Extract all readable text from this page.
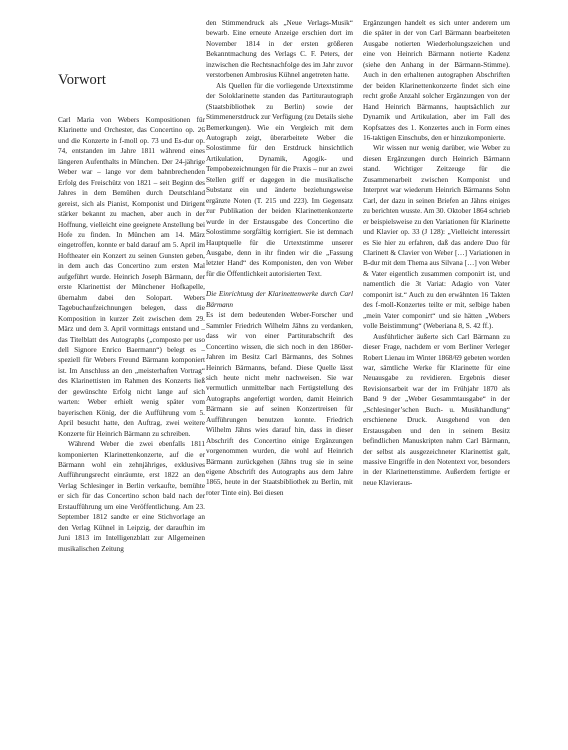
Vorwort

Carl Maria von Webers Kompositionen für Klarinette und Orchester, das Concertino op. 26 und die Konzerte in f-moll op. 73 und Es-dur op. 74, entstanden im Jahre 1811 während eines längeren Aufenthalts in München. Der 24-jährige Weber war – lange vor dem bahnbrechenden Erfolg des Freischütz von 1821 – seit Beginn des Jahres in dem Bemühen durch Deutschland gereist, sich als Pianist, Komponist und Dirigent stärker bekannt zu machen, aber auch in der Hoffnung, vielleicht eine geeignete Anstellung bei Hofe zu finden. In München am 14. März eingetroffen, konnte er bald darauf am 5. April im Hoftheater ein Konzert zu seinen Gunsten geben, in dem auch das Concertino zum ersten Mal aufgeführt wurde. Heinrich Joseph Bärmann, der erste Klarinettist der Münchener Hofkapelle, übernahm dabei den Solopart. Webers Tagebuchaufzeichnungen belegen, dass die Komposition in kurzer Zeit zwischen dem 29. März und dem 3. April vormittags entstand und – das Titelblatt des Autographs („composto per uso dell Signore Enrico Baermann“) belegt es – speziell für Webers Freund Bärmann komponiert ist. Im Anschluss an den „meisterhaften Vortrag“ des Klarinettisten im Rahmen des Konzerts ließ der gewünschte Erfolg nicht lange auf sich warten: Weber erhielt wenig später vom bayerischen König, der die Aufführung vom 5. April besucht hatte, den Auftrag, zwei weitere Konzerte für Heinrich Bärmann zu schreiben.

Während Weber die zwei ebenfalls 1811 komponierten Klarinettenkonzerte, auf die er Bärmann wohl ein zehnjähriges, exklusives Aufführungsrecht einräumte, erst 1822 an den Verlag Schlesinger in Berlin verkaufte, bemühte er sich für das Concertino schon bald nach der Erstaufführung um eine Veröffentlichung. Am 23. September 1812 sandte er eine Stichvorlage an den Verlag Kühnel in Leipzig, der daraufhin im Juni 1813 im Intelligenzblatt zur Allgemeinen musikalischen Zeitung

den Stimmendruck als „Neue Verlags-Musik“ bewarb. Eine erneute Anzeige erschien dort im November 1814 in der ersten größeren Bekanntmachung des Verlags C. F. Peters, der inzwischen die Rechtsnachfolge des im Jahr zuvor verstorbenen Ambrosius Kühnel angetreten hatte.

Als Quellen für die vorliegende Urtextstimme der Soloklarinette standen das Partiturautograph (Staatsbibliothek zu Berlin) sowie der Stimmenerstdruck zur Verfügung (zu Details siehe Bemerkungen). Wie ein Vergleich mit dem Autograph zeigt, überarbeitete Weber die Solostimme für den Erstdruck hinsichtlich Artikulation, Dynamik, Agogik- und Tempobezeichnungen für die Praxis – nur an zwei Stellen griff er dagegen in die musikalische Substanz ein und änderte beziehungsweise ergänzte Noten (T. 215 und 223). Im Gegensatz zur Publikation der beiden Klarinettenkonzerte wurde in der Erstausgabe des Concertino die Solostimme sorgfältig korrigiert. Sie ist demnach Hauptquelle für die Urtextstimme unserer Ausgabe, denn in ihr finden wir die „Fassung letzter Hand“ des Komponisten, den von Weber für die Öffentlichkeit autorisierten Text.

Die Einrichtung der Klarinettenwerke durch Carl Bärmann

Es ist dem bedeutenden Weber-Forscher und Sammler Friedrich Wilhelm Jähns zu verdanken, dass wir von einer Partiturabschrift des Concertino wissen, die sich noch in den 1860er-Jahren im Besitz Carl Bärmanns, des Sohnes Heinrich Bärmanns, befand. Diese Quelle lässt sich heute nicht mehr nachweisen. Sie war vermutlich unmittelbar nach Fertigstellung des Autographs angefertigt worden, damit Heinrich Bärmann sie auf seinen Konzertreisen für Aufführungen benutzen konnte. Friedrich Wilhelm Jähns wies darauf hin, dass in dieser Abschrift des Concertino einige Ergänzungen vorgenommen wurden, die wohl auf Heinrich Bärmann zurückgehen (Jähns trug sie in seine eigene Abschrift des Autographs aus dem Jahre 1865, heute in der Staatsbibliothek zu Berlin, mit roter Tinte ein). Bei diesen

Ergänzungen handelt es sich unter anderem um die später in der von Carl Bärmann bearbeiteten Ausgabe notierten Wiederholungszeichen und eine von Heinrich Bärmann notierte Kadenz (siehe den Anhang in der Bärmann-Stimme). Auch in den erhaltenen autographen Abschriften der beiden Klarinettenkonzerte findet sich eine recht große Anzahl solcher Ergänzungen von der Hand Heinrich Bärmanns, hauptsächlich zur Dynamik und Artikulation, aber im Fall des Kopfsatzes des 1. Konzertes auch in Form eines 16-taktigen Einschubs, den er hinzukomponierte.

Wir wissen nur wenig darüber, wie Weber zu diesen Ergänzungen durch Heinrich Bärmann stand. Wichtiger Zeitzeuge für die Zusammenarbeit zwischen Komponist und Interpret war wiederum Heinrich Bärmanns Sohn Carl, der dazu in seinen Briefen an Jähns einiges zu berichten wusste. Am 30. Oktober 1864 schrieb er beispielsweise zu den Variationen für Klarinette und Klavier op. 33 (J 128): „Vielleicht interessirt es Sie hier zu erfahren, daß das andere Duo für Clarinett & Clavier von Weber […] Variationen in B-dur mit dem Thema aus Silvana […] von Weber & Vater eigentlich zusammen componirt ist, und namentlich die 3t Variat: Adagio von Vater componirt ist.“ Auch zu den erwähnten 16 Takten des f-moll-Konzertes teilte er mit, selbige haben „mein Vater componirt“ und sie hätten „Webers volle Beistimmung“ (Weberiana 8, S. 42 ff.).

Ausführlicher äußerte sich Carl Bärmann zu dieser Frage, nachdem er vom Berliner Verleger Robert Lienau im Winter 1868/69 gebeten worden war, sämtliche Werke für Klarinette für eine Neuausgabe zu revidieren. Ergebnis dieser Revisionsarbeit war der im Frühjahr 1870 als Band 9 der „Weber Gesammtausgabe“ in der „Schlesinger’schen Buch- u. Musikhandlung“ erschienene Druck. Ausgehend von den Erstausgaben und den in seinem Besitz befindlichen Manuskripten nahm Carl Bärmann, der selbst als ausgezeichneter Klarinettist galt, massive Eingriffe in den Notentext vor, besonders in der Klarinettenstimme. Außerdem fertigte er neue Klavieraus-
